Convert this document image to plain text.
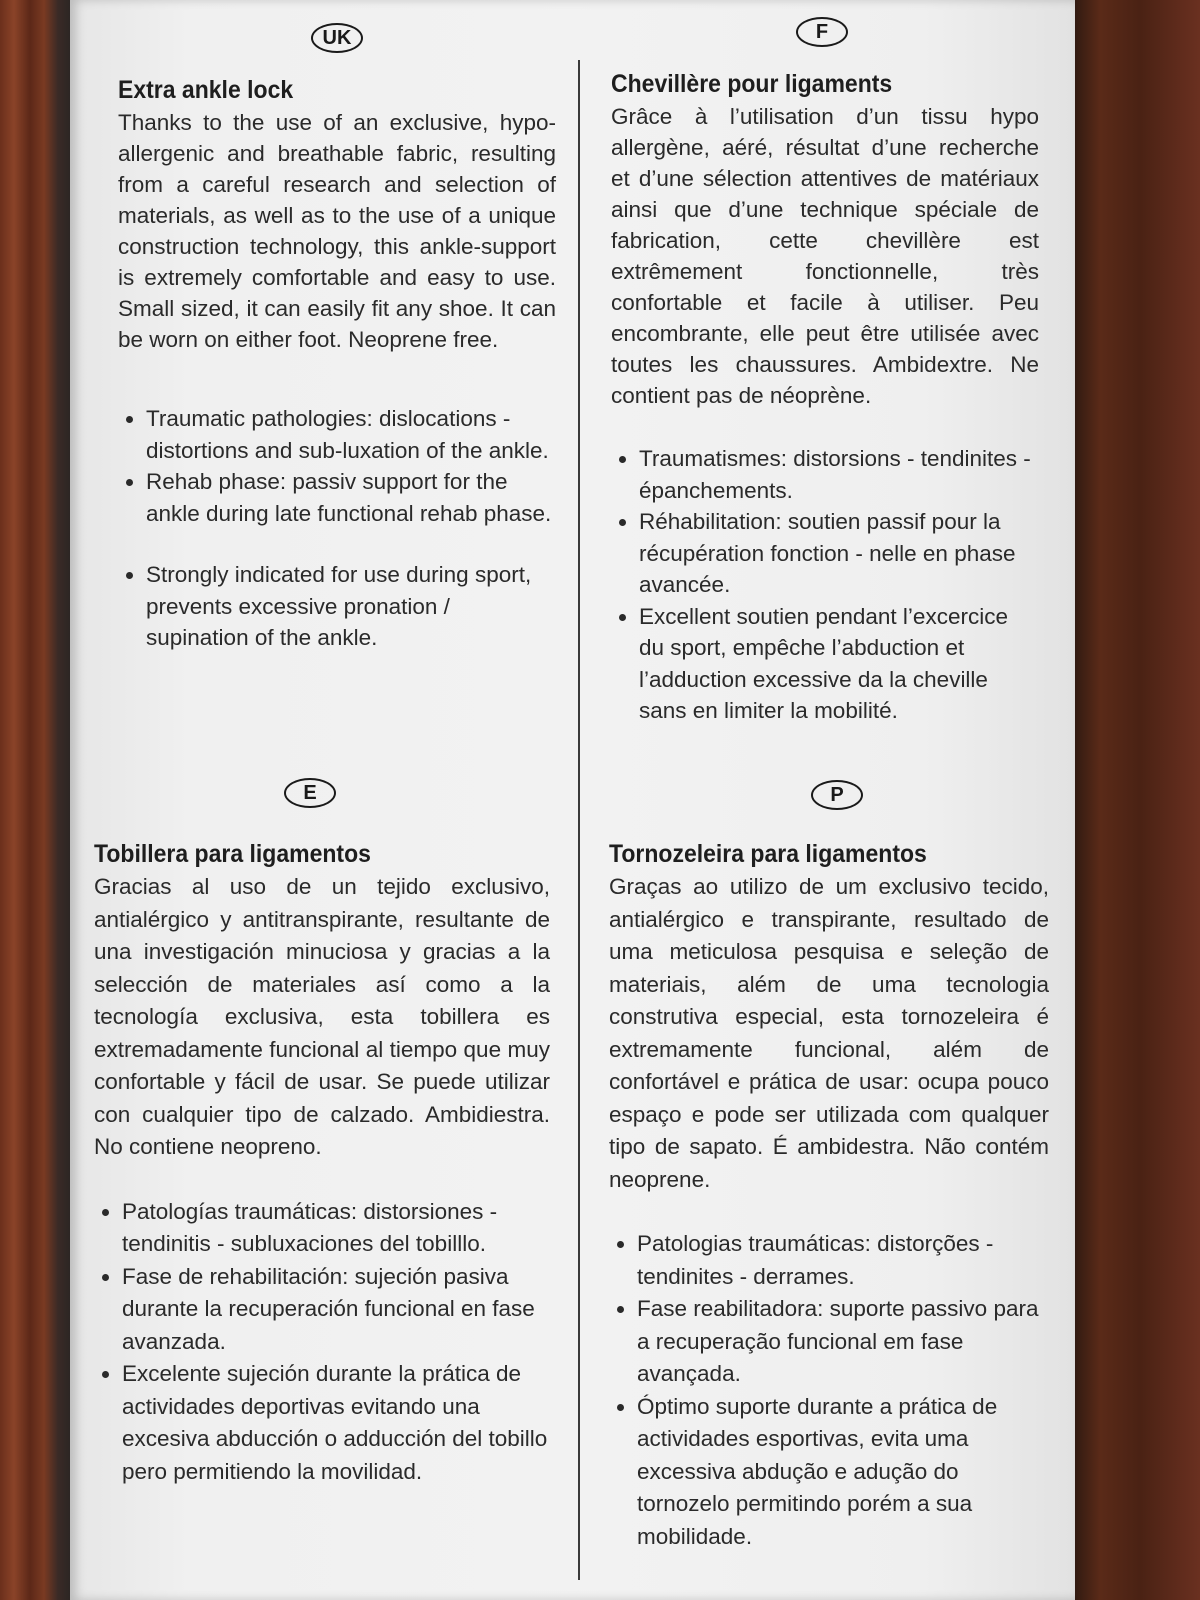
UK
Extra ankle lock

Thanks to the use of an exclusive, hypo-allergenic and breathable fabric, resulting from a careful research and selection of materials, as well as to the use of a unique construction technology, this ankle-support is extremely comfortable and easy to use. Small sized, it can easily fit any shoe. It can be worn on either foot. Neoprene free.

• Traumatic pathologies: dislocations - distortions and sub-luxation of the ankle.
• Rehab phase: passiv support for the ankle during late functional rehab phase.
• Strongly indicated for use during sport, prevents excessive pronation / supination of the ankle.
F
Chevillère pour ligaments

Grâce à l’utilisation d’un tissu hypo allergène, aéré, résultat d’une recherche et d’une sélection attentives de matériaux ainsi que d’une technique spéciale de fabrication, cette chevillère est extrêmement fonctionnelle, très confortable et facile à utiliser. Peu encombrante, elle peut être utilisée avec toutes les chaussures. Ambidextre. Ne contient pas de néoprène.

• Traumatismes: distorsions - tendinites - épanchements.
• Réhabilitation: soutien passif pour la récupération fonction - nelle en phase avancée.
• Excellent soutien pendant l’excercice du sport, empêche l’abduction et l’adduction excessive da la cheville sans en limiter la mobilité.
E
Tobillera para ligamentos

Gracias al uso de un tejido exclusivo, antialérgico y antitranspirante, resultante de una investigación minuciosa y gracias a la selección de materiales así como a la tecnología exclusiva, esta tobillera es extremadamente funcional al tiempo que muy confortable y fácil de usar. Se puede utilizar con cualquier tipo de calzado. Ambidiestra. No contiene neopreno.

• Patologías traumáticas: distorsiones - tendinitis - subluxaciones del tobilllo.
• Fase de rehabilitación: sujeción pasiva durante la recuperación funcional en fase avanzada.
• Excelente sujeción durante la prática de actividades deportivas evitando una excesiva abducción o adducción del tobillo pero permitiendo la movilidad.
P
Tornozeleira para ligamentos

Graças ao utilizo de um exclusivo tecido, antialérgico e transpirante, resultado de uma meticulosa pesquisa e seleção de materiais, além de uma tecnologia construtiva especial, esta tornozeleira é extremamente funcional, além de confortável e prática de usar: ocupa pouco espaço e pode ser utilizada com qualquer tipo de sapato. É ambidestra. Não contém neoprene.

• Patologias traumáticas: distorções - tendinites - derrames.
• Fase reabilitadora: suporte passivo para a recuperação funcional em fase avançada.
• Óptimo suporte durante a prática de actividades esportivas, evita uma excessiva abdução e adução do tornozelo permitindo porém a sua mobilidade.
